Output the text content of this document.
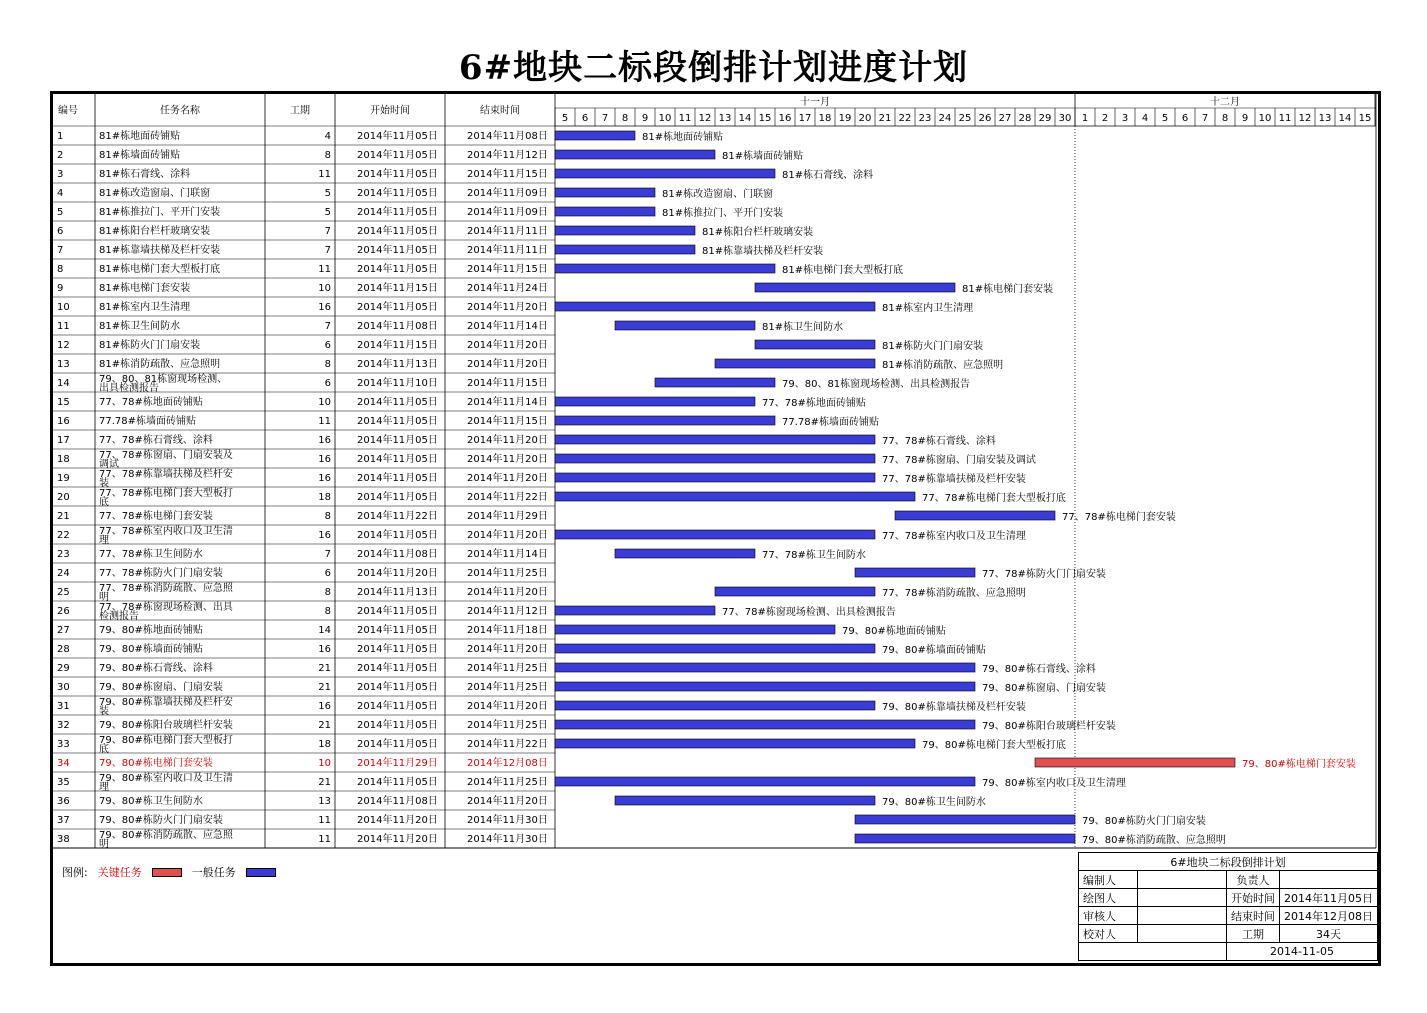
6#地块二标段倒排计划进度计划
编号	任务名称	工期	开始时间	结束时间
十一月
5 6 7 8 9 10 11 12 13 14 15 16 17 18 19 20 21 22 23 24 25 26 27 28 29 30
十二月
1 2 3 4 5 6 7 8 9 10 11 12 13 14 15
1	81#栋地面砖铺贴	4	2014年11月05日	2014年11月08日	81#栋地面砖铺贴
2	81#栋墙面砖铺贴	8	2014年11月05日	2014年11月12日	81#栋墙面砖铺贴
3	81#栋石膏线、涂料	11	2014年11月05日	2014年11月15日	81#栋石膏线、涂料
4	81#栋改造窗扇、门联窗	5	2014年11月05日	2014年11月09日	81#栋改造窗扇、门联窗
5	81#栋推拉门、平开门安装	5	2014年11月05日	2014年11月09日	81#栋推拉门、平开门安装
6	81#栋阳台栏杆玻璃安装	7	2014年11月05日	2014年11月11日	81#栋阳台栏杆玻璃安装
7	81#栋靠墙扶梯及栏杆安装	7	2014年11月05日	2014年11月11日	81#栋靠墙扶梯及栏杆安装
8	81#栋电梯门套大型板打底	11	2014年11月05日	2014年11月15日	81#栋电梯门套大型板打底
9	81#栋电梯门套安装	10	2014年11月15日	2014年11月24日	81#栋电梯门套安装
10	81#栋室内卫生清理	16	2014年11月05日	2014年11月20日	81#栋室内卫生清理
11	81#栋卫生间防水	7	2014年11月08日	2014年11月14日	81#栋卫生间防水
12	81#栋防火门门扇安装	6	2014年11月15日	2014年11月20日	81#栋防火门门扇安装
13	81#栋消防疏散、应急照明	8	2014年11月13日	2014年11月20日	81#栋消防疏散、应急照明
14	79、80、81栋窗现场检测、
出具检测报告	6	2014年11月10日	2014年11月15日	79、80、81栋窗现场检测、出具检测报告
15	77、78#栋地面砖铺贴	10	2014年11月05日	2014年11月14日	77、78#栋地面砖铺贴
16	77.78#栋墙面砖铺贴	11	2014年11月05日	2014年11月15日	77.78#栋墙面砖铺贴
17	77、78#栋石膏线、涂料	16	2014年11月05日	2014年11月20日	77、78#栋石膏线、涂料
18	77、78#栋窗扇、门扇安装及
调试	16	2014年11月05日	2014年11月20日	77、78#栋窗扇、门扇安装及调试
19	77、78#栋靠墙扶梯及栏杆安
装	16	2014年11月05日	2014年11月20日	77、78#栋靠墙扶梯及栏杆安装
20	77、78#栋电梯门套大型板打
底	18	2014年11月05日	2014年11月22日	77、78#栋电梯门套大型板打底
21	77、78#栋电梯门套安装	8	2014年11月22日	2014年11月29日	77、78#栋电梯门套安装
22	77、78#栋室内收口及卫生清
理	16	2014年11月05日	2014年11月20日	77、78#栋室内收口及卫生清理
23	77、78#栋卫生间防水	7	2014年11月08日	2014年11月14日	77、78#栋卫生间防水
24	77、78#栋防火门门扇安装	6	2014年11月20日	2014年11月25日	77、78#栋防火门门扇安装
25	77、78#栋消防疏散、应急照
明	8	2014年11月13日	2014年11月20日	77、78#栋消防疏散、应急照明
26	77、78#栋窗现场检测、出具
检测报告	8	2014年11月05日	2014年11月12日	77、78#栋窗现场检测、出具检测报告
27	79、80#栋地面砖铺贴	14	2014年11月05日	2014年11月18日	79、80#栋地面砖铺贴
28	79、80#栋墙面砖铺贴	16	2014年11月05日	2014年11月20日	79、80#栋墙面砖铺贴
29	79、80#栋石膏线、涂料	21	2014年11月05日	2014年11月25日	79、80#栋石膏线、涂料
30	79、80#栋窗扇、门扇安装	21	2014年11月05日	2014年11月25日	79、80#栋窗扇、门扇安装
31	79、80#栋靠墙扶梯及栏杆安
装	16	2014年11月05日	2014年11月20日	79、80#栋靠墙扶梯及栏杆安装
32	79、80#栋阳台玻璃栏杆安装	21	2014年11月05日	2014年11月25日	79、80#栋阳台玻璃栏杆安装
33	79、80#栋电梯门套大型板打
底	18	2014年11月05日	2014年11月22日	79、80#栋电梯门套大型板打底
34	79、80#栋电梯门套安装	10	2014年11月29日	2014年12月08日	79、80#栋电梯门套安装
35	79、80#栋室内收口及卫生清
理	21	2014年11月05日	2014年11月25日	79、80#栋室内收口及卫生清理
36	79、80#栋卫生间防水	13	2014年11月08日	2014年11月20日	79、80#栋卫生间防水
37	79、80#栋防火门门扇安装	11	2014年11月20日	2014年11月30日	79、80#栋防火门门扇安装
38	79、80#栋消防疏散、应急照
明	11	2014年11月20日	2014年11月30日	79、80#栋消防疏散、应急照明
图例: 关键任务	一般任务
6#地块二标段倒排计划			
编制人		负责人	
绘图人		开始时间	2014年11月05日
审核人		结束时间	2014年12月08日
校对人		工期	34天
		2014-11-05	
